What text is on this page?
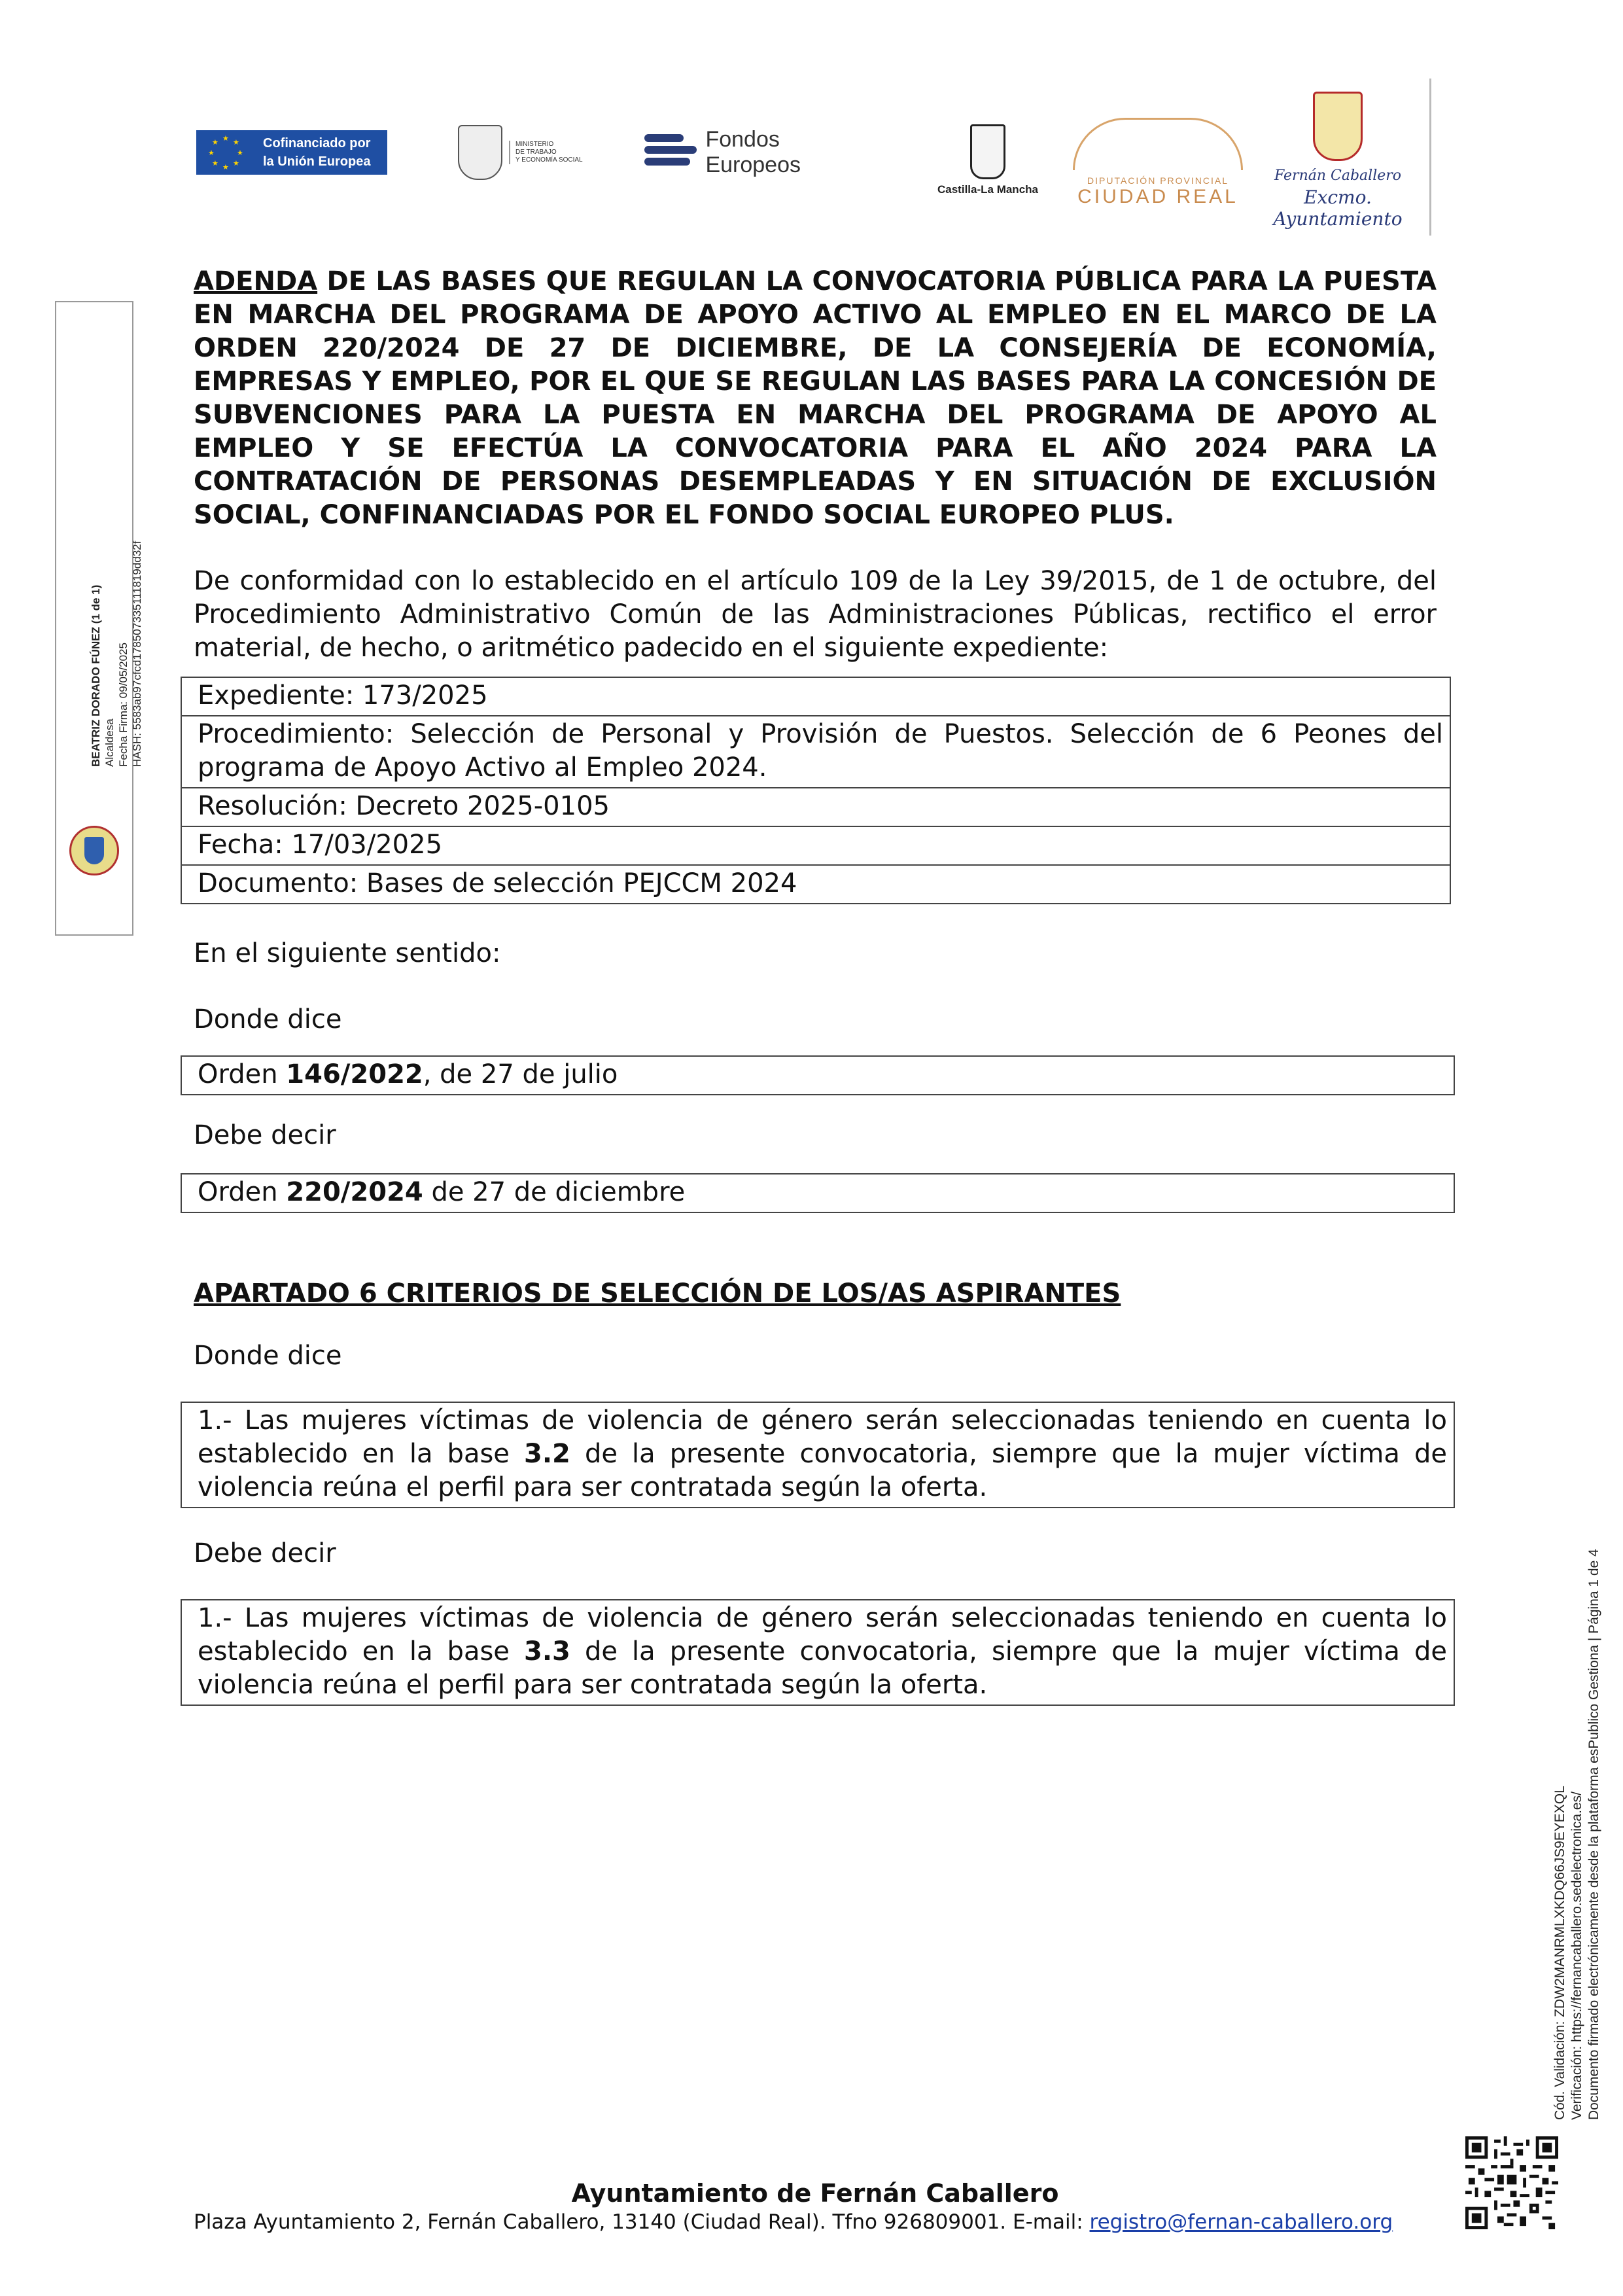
★ ★
★
★
★
★
★
★	Cofinanciado por
la Unión Europea
MINISTERIO
DE TRABAJO
Y ECONOMÍA SOCIAL
Fondos Europeos
Castilla-La Mancha
DIPUTACIÓN PROVINCIAL
CIUDAD REAL
Fernán Caballero
Excmo. Ayuntamiento
BEATRIZ DORADO FÚNEZ (1 de 1) Alcaldesa Fecha Firma: 09/05/2025 HASH: 5583ab97cfcd178507335111819dd32f

ADENDA DE LAS BASES QUE REGULAN LA CONVOCATORIA PÚBLICA PARA LA PUESTA EN MARCHA DEL PROGRAMA DE APOYO ACTIVO AL EMPLEO EN EL MARCO DE LA ORDEN 220/2024 DE 27 DE DICIEMBRE, DE LA CONSEJERÍA DE ECONOMÍA, EMPRESAS Y EMPLEO, POR EL QUE SE REGULAN LAS BASES PARA LA CONCESIÓN DE SUBVENCIONES PARA LA PUESTA EN MARCHA DEL PROGRAMA DE APOYO AL EMPLEO Y SE EFECTÚA LA CONVOCATORIA PARA EL AÑO 2024 PARA LA CONTRATACIÓN DE PERSONAS DESEMPLEADAS Y EN SITUACIÓN DE EXCLUSIÓN SOCIAL, CONFINANCIADAS POR EL FONDO SOCIAL EUROPEO PLUS.

De conformidad con lo establecido en el artículo 109 de la Ley 39/2015, de 1 de octubre, del Procedimiento Administrativo Común de las Administraciones Públicas, rectifico el error material, de hecho, o aritmético padecido en el siguiente expediente:

Expediente: 173/2025
Procedimiento: Selección de Personal y Provisión de Puestos. Selección de 6 Peones del programa de Apoyo Activo al Empleo 2024.
Resolución: Decreto 2025-0105
Fecha: 17/03/2025
Documento: Bases de selección PEJCCM 2024

En el siguiente sentido:

Donde dice

Orden 146/2022, de 27 de julio

Debe decir

Orden 220/2024 de 27 de diciembre

APARTADO 6 CRITERIOS DE SELECCIÓN DE LOS/AS ASPIRANTES

Donde dice

1.- Las mujeres víctimas de violencia de género serán seleccionadas teniendo en cuenta lo establecido en la base 3.2 de la presente convocatoria, siempre que la mujer víctima de violencia reúna el perfil para ser contratada según la oferta.

Debe decir

1.- Las mujeres víctimas de violencia de género serán seleccionadas teniendo en cuenta lo establecido en la base 3.3 de la presente convocatoria, siempre que la mujer víctima de violencia reúna el perfil para ser contratada según la oferta.
Cód. Validación: ZDW2MANRMLXKDQ66JS9EYEXQL Verificación: https://fernancaballero.sedelectronica.es/ Documento firmado electrónicamente desde la plataforma esPublico Gestiona | Página 1 de 4
Ayuntamiento de Fernán Caballero
Plaza Ayuntamiento 2, Fernán Caballero, 13140 (Ciudad Real). Tfno 926809001. E-mail: registro@fernan-caballero.org
